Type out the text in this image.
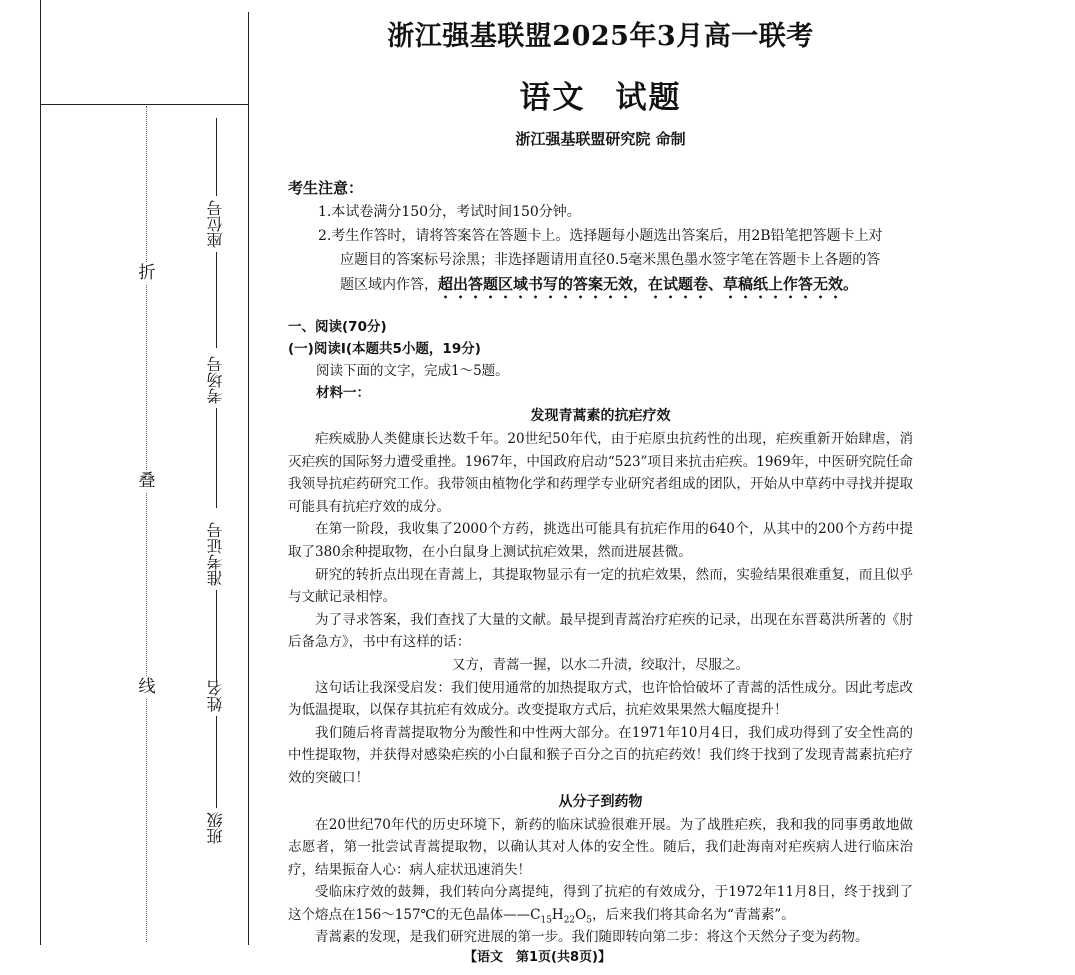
折
叠
线
座位号
考场号
准考证号
姓名
班级
浙江强基联盟2025年3月高一联考
语文 试题
浙江强基联盟研究院 命制

考生注意：

1.本试卷满分150分，考试时间150分钟。

2.考生作答时，请将答案答在答题卡上。选择题每小题选出答案后，用2B铅笔把答题卡上对

应题目的答案标号涂黑；非选择题请用直径0.5毫米黑色墨水签字笔在答题卡上各题的答

题区域内作答，超出答题区域书写的答案无效，在试题卷、草稿纸上作答无效。

一、阅读(70分)

(一)阅读Ⅰ(本题共5小题，19分)

阅读下面的文字，完成1～5题。

材料一：

发现青蒿素的抗疟疗效

疟疾威胁人类健康长达数千年。20世纪50年代，由于疟原虫抗药性的出现，疟疾重新开始肆虐，消灭疟疾的国际努力遭受重挫。1967年，中国政府启动“523”项目来抗击疟疾。1969年，中医研究院任命我领导抗疟药研究工作。我带领由植物化学和药理学专业研究者组成的团队，开始从中草药中寻找并提取可能具有抗疟疗效的成分。

在第一阶段，我收集了2000个方药，挑选出可能具有抗疟作用的640个，从其中的200个方药中提取了380余种提取物，在小白鼠身上测试抗疟效果，然而进展甚微。

研究的转折点出现在青蒿上，其提取物显示有一定的抗疟效果，然而，实验结果很难重复，而且似乎与文献记录相悖。

为了寻求答案，我们查找了大量的文献。最早提到青蒿治疗疟疾的记录，出现在东晋葛洪所著的《肘后备急方》，书中有这样的话：

又方，青蒿一握，以水二升渍，绞取汁，尽服之。

这句话让我深受启发：我们使用通常的加热提取方式，也许恰恰破坏了青蒿的活性成分。因此考虑改为低温提取，以保存其抗疟有效成分。改变提取方式后，抗疟效果果然大幅度提升！

我们随后将青蒿提取物分为酸性和中性两大部分。在1971年10月4日，我们成功得到了安全性高的中性提取物，并获得对感染疟疾的小白鼠和猴子百分之百的抗疟药效！我们终于找到了发现青蒿素抗疟疗效的突破口！

从分子到药物

在20世纪70年代的历史环境下，新药的临床试验很难开展。为了战胜疟疾，我和我的同事勇敢地做志愿者，第一批尝试青蒿提取物，以确认其对人体的安全性。随后，我们赴海南对疟疾病人进行临床治疗，结果振奋人心：病人症状迅速消失！

受临床疗效的鼓舞，我们转向分离提纯，得到了抗疟的有效成分，于1972年11月8日，终于找到了这个熔点在156～157℃的无色晶体$——C_{15}H_{22}O_5$，后来我们将其命名为“青蒿素”。

青蒿素的发现，是我们研究进展的第一步。我们随即转向第二步：将这个天然分子变为药物。

【语文　第1页(共8页)】
